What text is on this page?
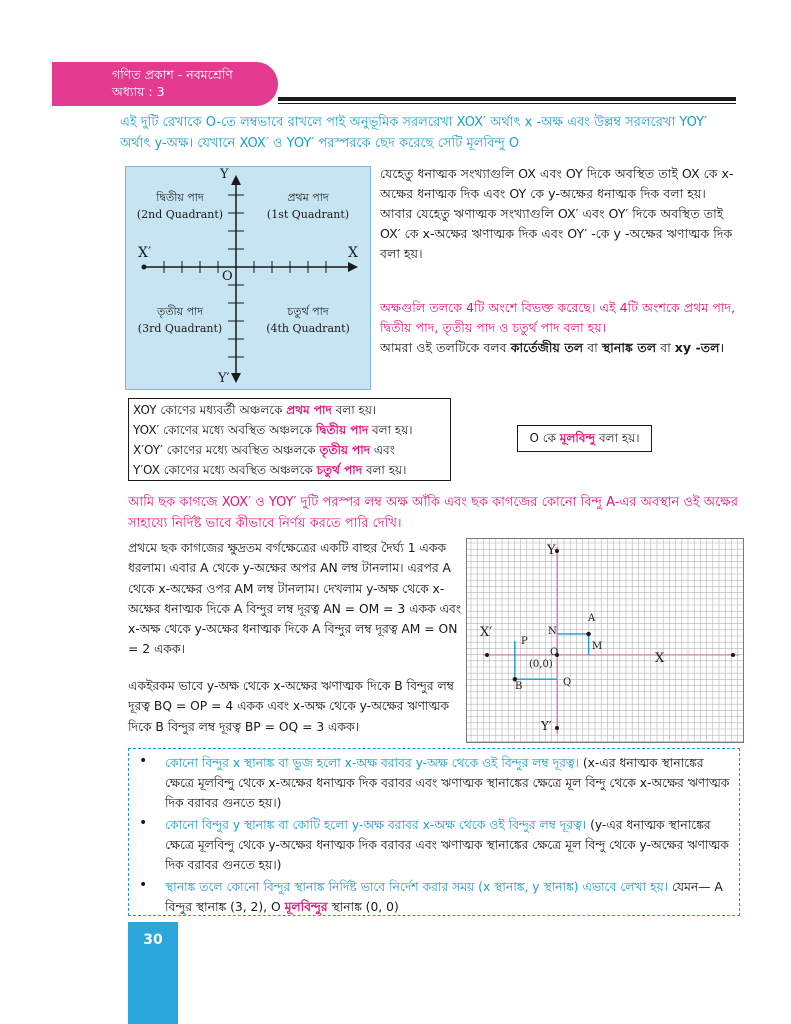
গণিত প্রকাশ - নবমশ্রেণি
অধ্যায় : 3
এই দুটি রেখাকে O-তে লম্বভাবে রাখলে পাই অনুভূমিক সরলরেখা XOX′ অর্থাৎ x -অক্ষ এবং উল্লম্ব সরলরেখা YOY′ অর্থাৎ y-অক্ষ। যেখানে XOX′ ও YOY′ পরস্পরকে ছেদ করেছে সেটি মূলবিন্দু O
Y
Y′
X
X′
O
দ্বিতীয় পাদ
(2nd Quadrant)
প্রথম পাদ
(1st Quadrant)
তৃতীয় পাদ
(3rd Quadrant)
চতুর্থ পাদ
(4th Quadrant)
যেহেতু ধনাত্মক সংখ্যাগুলি OX এবং OY দিকে অবস্থিত তাই OX কে x-অক্ষের ধনাত্মক দিক এবং OY কে y-অক্ষের ধনাত্মক দিক বলা হয়। আবার যেহেতু ঋণাত্মক সংখ্যাগুলি OX′ এবং OY′ দিকে অবস্থিত তাই OX′ কে x-অক্ষের ঋণাত্মক দিক এবং OY′ -কে y -অক্ষের ঋণাত্মক দিক বলা হয়।
অক্ষগুলি তলকে 4টি অংশে বিভক্ত করেছে। এই 4টি অংশকে প্রথম পাদ, দ্বিতীয় পাদ, তৃতীয় পাদ ও চতুর্থ পাদ বলা হয়।
আমরা ওই তলটিকে বলব কার্তেজীয় তল বা স্থানাঙ্ক তল বা xy -তল।
XOY কোণের মধ্যবর্তী অঞ্চলকে প্রথম পাদ বলা হয়।
YOX′ কোণের মধ্যে অবস্থিত অঞ্চলকে দ্বিতীয় পাদ বলা হয়।
X′OY′ কোণের মধ্যে অবস্থিত অঞ্চলকে তৃতীয় পাদ এবং
Y′OX কোণের মধ্যে অবস্থিত অঞ্চলকে চতুর্থ পাদ বলা হয়।
O কে মূলবিন্দু বলা হয়।
আমি ছক কাগজে XOX′ ও YOY′ দুটি পরস্পর লম্ব অক্ষ আঁকি এবং ছক কাগজের কোনো বিন্দু A-এর অবস্থান ওই অক্ষের সাহায্যে নির্দিষ্ট ভাবে কীভাবে নির্ণয় করতে পারি দেখি।
প্রথমে ছক কাগজের ক্ষুদ্রতম বর্গক্ষেত্রের একটি বাহুর দৈর্ঘ্য 1 একক ধরলাম। এবার A থেকে y-অক্ষের অপর AN লম্ব টানলাম। এরপর A থেকে x-অক্ষের ওপর AM লম্ব টানলাম। দেখলাম y-অক্ষ থেকে x-অক্ষের ধনাত্মক দিকে A বিন্দুর লম্ব দূরত্ব AN = OM = 3 একক এবং x-অক্ষ থেকে y-অক্ষের ধনাত্মক দিকে A বিন্দুর লম্ব দূরত্ব AM = ON = 2 একক।
একইরকম ভাবে y-অক্ষ থেকে x-অক্ষের ঋণাত্মক দিকে B বিন্দুর লম্ব দূরত্ব BQ = OP = 4 একক এবং x-অক্ষ থেকে y-অক্ষের ঋণাত্মক দিকে B বিন্দুর লম্ব দূরত্ব BP = OQ = 3 একক।
Y
Y′
X
X′
(0,0)
O
A
N
M
B
P
Q
• কোনো বিন্দুর x স্থানাঙ্ক বা ভুজ হলো x-অক্ষ বরাবর y-অক্ষ থেকে ওই বিন্দুর লম্ব দূরত্ব। (x-এর ধনাত্মক স্থানাঙ্কের ক্ষেত্রে মূলবিন্দু থেকে x-অক্ষের ধনাত্মক দিক বরাবর এবং ঋণাত্মক স্থানাঙ্কের ক্ষেত্রে মূল বিন্দু থেকে x-অক্ষের ঋণাত্মক দিক বরাবর গুনতে হয়।)
• কোনো বিন্দুর y স্থানাঙ্ক বা কোটি হলো y-অক্ষ বরাবর x-অক্ষ থেকে ওই বিন্দুর লম্ব দূরত্ব। (y-এর ধনাত্মক স্থানাঙ্কের ক্ষেত্রে মূলবিন্দু থেকে y-অক্ষের ধনাত্মক দিক বরাবর এবং ঋণাত্মক স্থানাঙ্কের ক্ষেত্রে মূল বিন্দু থেকে y-অক্ষের ঋণাত্মক দিক বরাবর গুনতে হয়।)
• স্থানাঙ্ক তলে কোনো বিন্দুর স্থানাঙ্ক নির্দিষ্ট ভাবে নির্দেশ করার সময় (x স্থানাঙ্ক, y স্থানাঙ্ক) এভাবে লেখা হয়। যেমন— A বিন্দুর স্থানাঙ্ক (3, 2), O মূলবিন্দুর স্থানাঙ্ক (0, 0)
30
